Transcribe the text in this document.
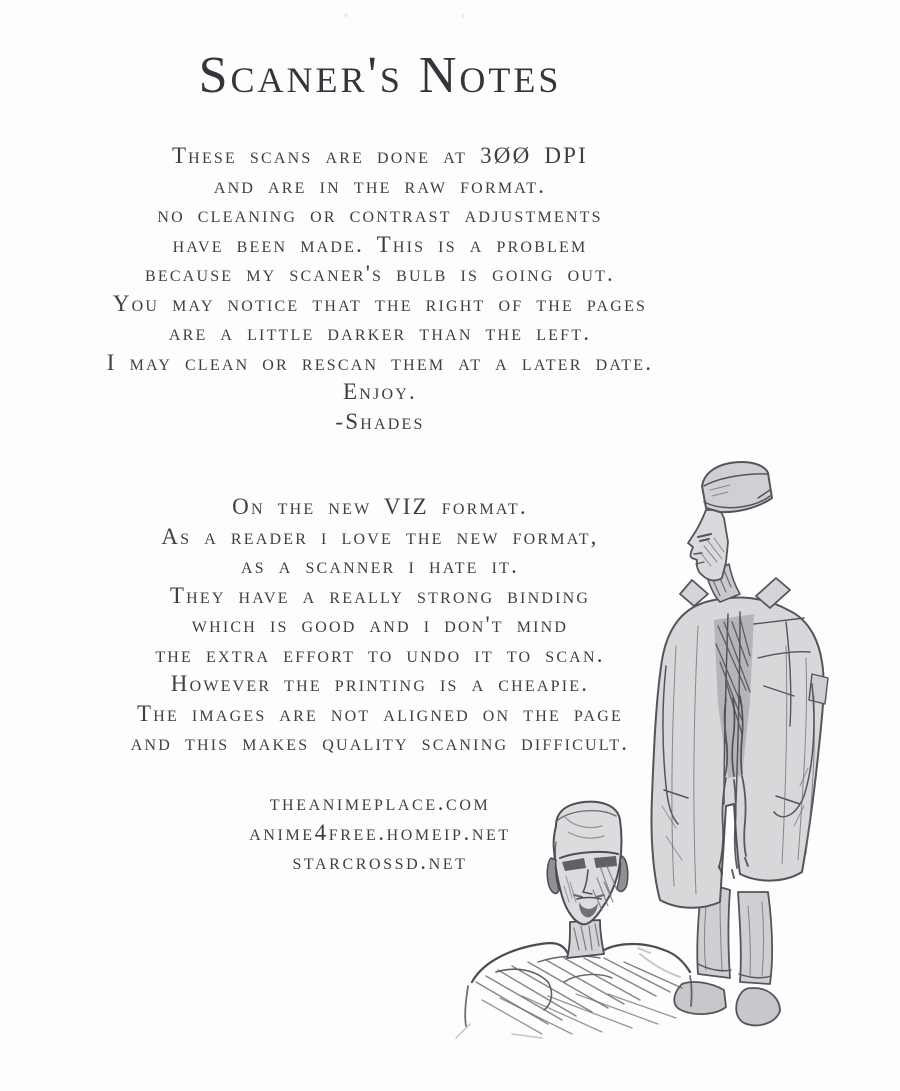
Scaner's Notes
These scans are done at 3ØØ DPI
and are in the raw format.
no cleaning or contrast adjustments
have been made. This is a problem
because my scaner's bulb is going out.
You may notice that the right of the pages
are a little darker than the left.
I may clean or rescan them at a later date.
Enjoy.
-Shades
On the new VIZ format.
As a reader i love the new format,
as a scanner i hate it.
They have a really strong binding
which is good and i don't mind
the extra effort to undo it to scan.
However the printing is a cheapie.
The images are not aligned on the page
and this makes quality scaning difficult.
theanimeplace.com
anime4free.homeip.net
starcrossd.net
